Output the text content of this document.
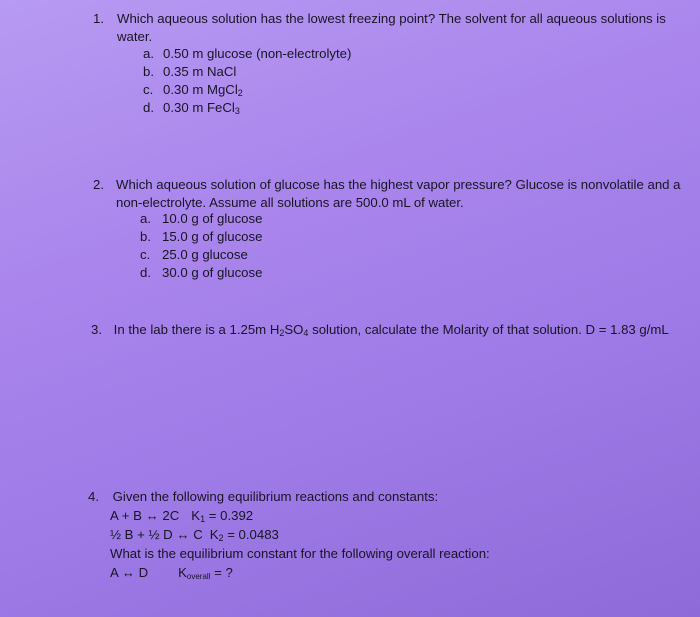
1. Which aqueous solution has the lowest freezing point? The solvent for all aqueous solutions is
water.
a. 0.50 m glucose (non-electrolyte)
b. 0.35 m NaCl
c. 0.30 m MgCl$_2$
d. 0.30 m FeCl$_3$
2. Which aqueous solution of glucose has the highest vapor pressure? Glucose is nonvolatile and a
non-electrolyte. Assume all solutions are 500.0 mL of water.
a. 10.0 g of glucose
b. 15.0 g of glucose
c. 25.0 g glucose
d. 30.0 g of glucose
3. In the lab there is a 1.25m $H_2SO_4$ solution, calculate the Molarity of that solution. D = 1.83 g/mL
4. Given the following equilibrium reactions and constants:
A + B ↔ 2C $K_1 = 0.392$
½ B + ½ D ↔ C $K_2 = 0.0483$
What is the equilibrium constant for the following overall reaction:
A ↔ D $K_{overall}$ = ?
